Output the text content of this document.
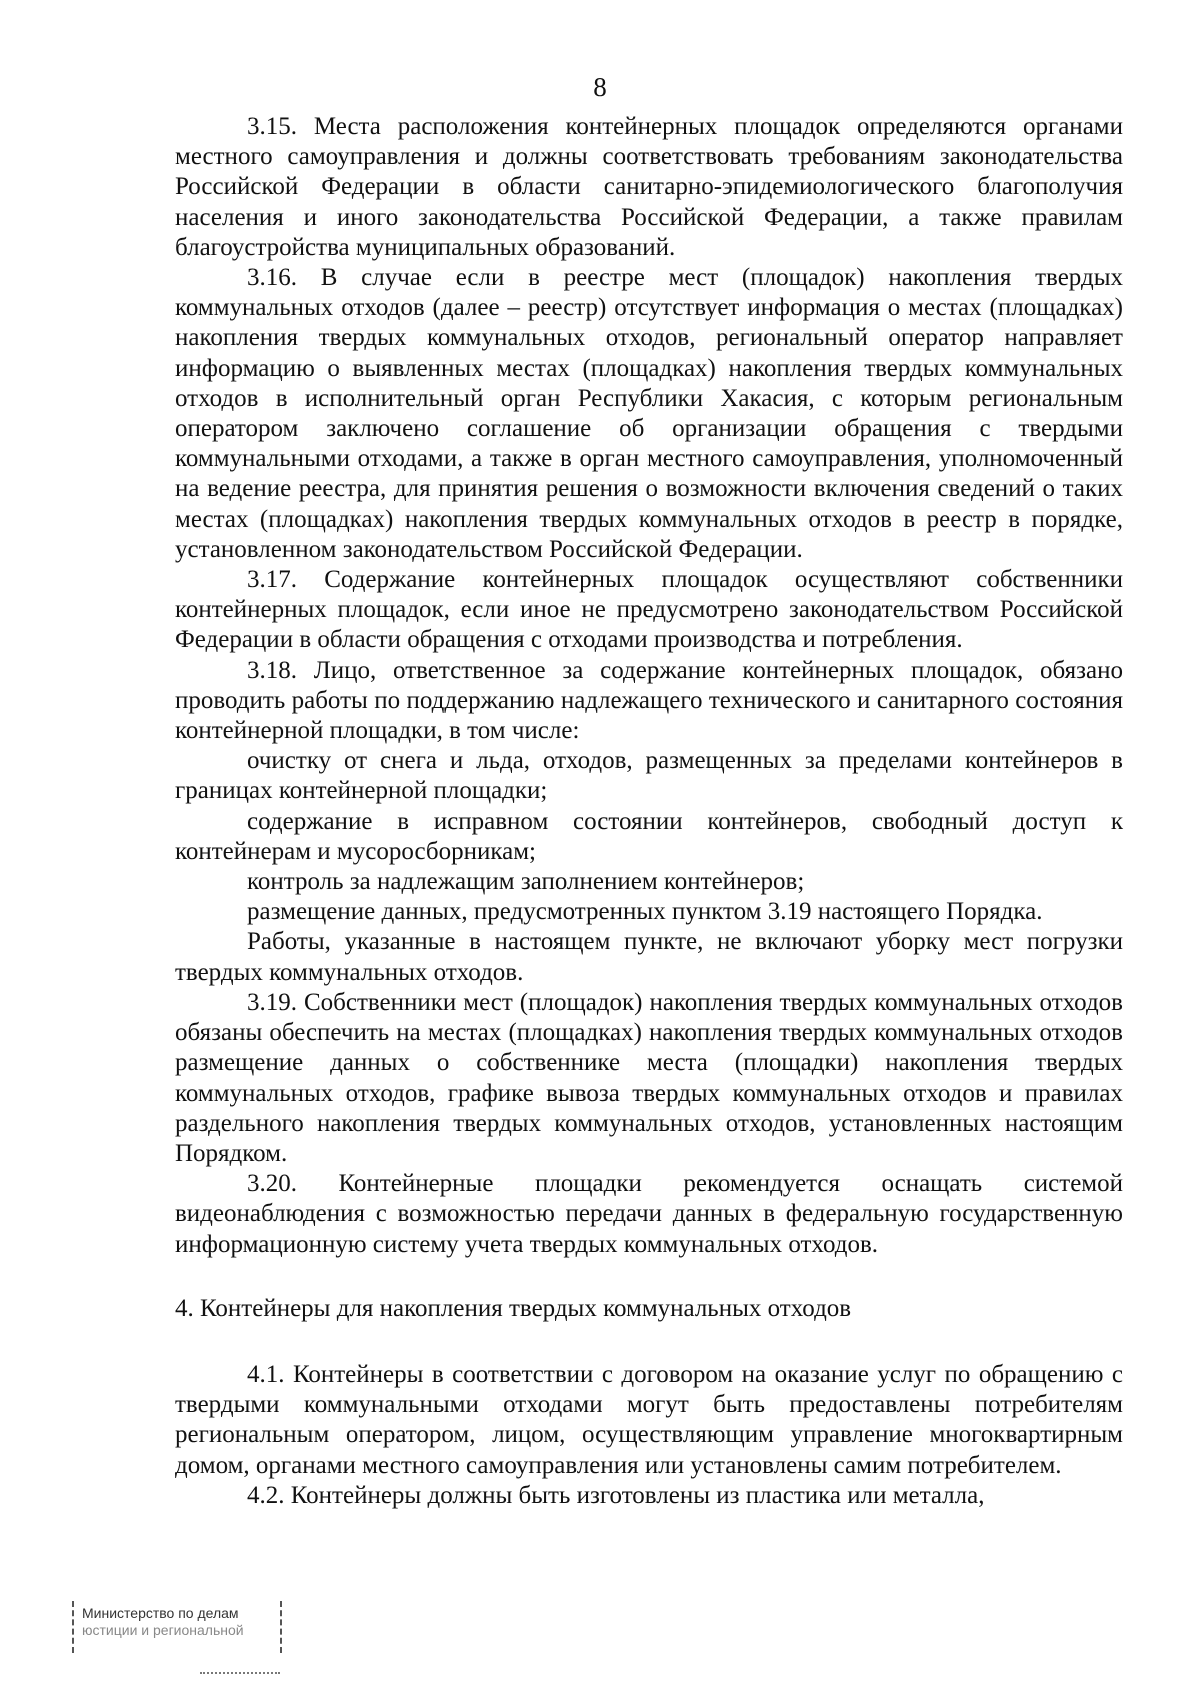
8

3.15. Места расположения контейнерных площадок определяются органами местного самоуправления и должны соответствовать требованиям законодательства Российской Федерации в области санитарно-эпидемиологического благополучия населения и иного законодательства Российской Федерации, а также правилам благоустройства муниципальных образований.

3.16. В случае если в реестре мест (площадок) накопления твердых коммунальных отходов (далее – реестр) отсутствует информация о местах (площадках) накопления твердых коммунальных отходов, региональный оператор направляет информацию о выявленных местах (площадках) накопления твердых коммунальных отходов в исполнительный орган Республики Хакасия, с которым региональным оператором заключено соглашение об организации обращения с твердыми коммунальными отходами, а также в орган местного самоуправления, уполномоченный на ведение реестра, для принятия решения о возможности включения сведений о таких местах (площадках) накопления твердых коммунальных отходов в реестр в порядке, установленном законодательством Российской Федерации.

3.17. Содержание контейнерных площадок осуществляют собственники контейнерных площадок, если иное не предусмотрено законодательством Российской Федерации в области обращения с отходами производства и потребления.

3.18. Лицо, ответственное за содержание контейнерных площадок, обязано проводить работы по поддержанию надлежащего технического и санитарного состояния контейнерной площадки, в том числе:

очистку от снега и льда, отходов, размещенных за пределами контейнеров в границах контейнерной площадки;

содержание в исправном состоянии контейнеров, свободный доступ к контейнерам и мусоросборникам;

контроль за надлежащим заполнением контейнеров;

размещение данных, предусмотренных пунктом 3.19 настоящего Порядка.

Работы, указанные в настоящем пункте, не включают уборку мест погрузки твердых коммунальных отходов.

3.19. Собственники мест (площадок) накопления твердых коммунальных отходов обязаны обеспечить на местах (площадках) накопления твердых коммунальных отходов размещение данных о собственнике места (площадки) накопления твердых коммунальных отходов, графике вывоза твердых коммунальных отходов и правилах раздельного накопления твердых коммунальных отходов, установленных настоящим Порядком.

3.20. Контейнерные площадки рекомендуется оснащать системой видеонаблюдения с возможностью передачи данных в федеральную государственную информационную систему учета твердых коммунальных отходов.

4. Контейнеры для накопления твердых коммунальных отходов

4.1. Контейнеры в соответствии с договором на оказание услуг по обращению с твердыми коммунальными отходами могут быть предоставлены потребителям региональным оператором, лицом, осуществляющим управление многоквартирным домом, органами местного самоуправления или установлены самим потребителем.

4.2. Контейнеры должны быть изготовлены из пластика или металла,

Министерство по делам
юстиции и региональной
